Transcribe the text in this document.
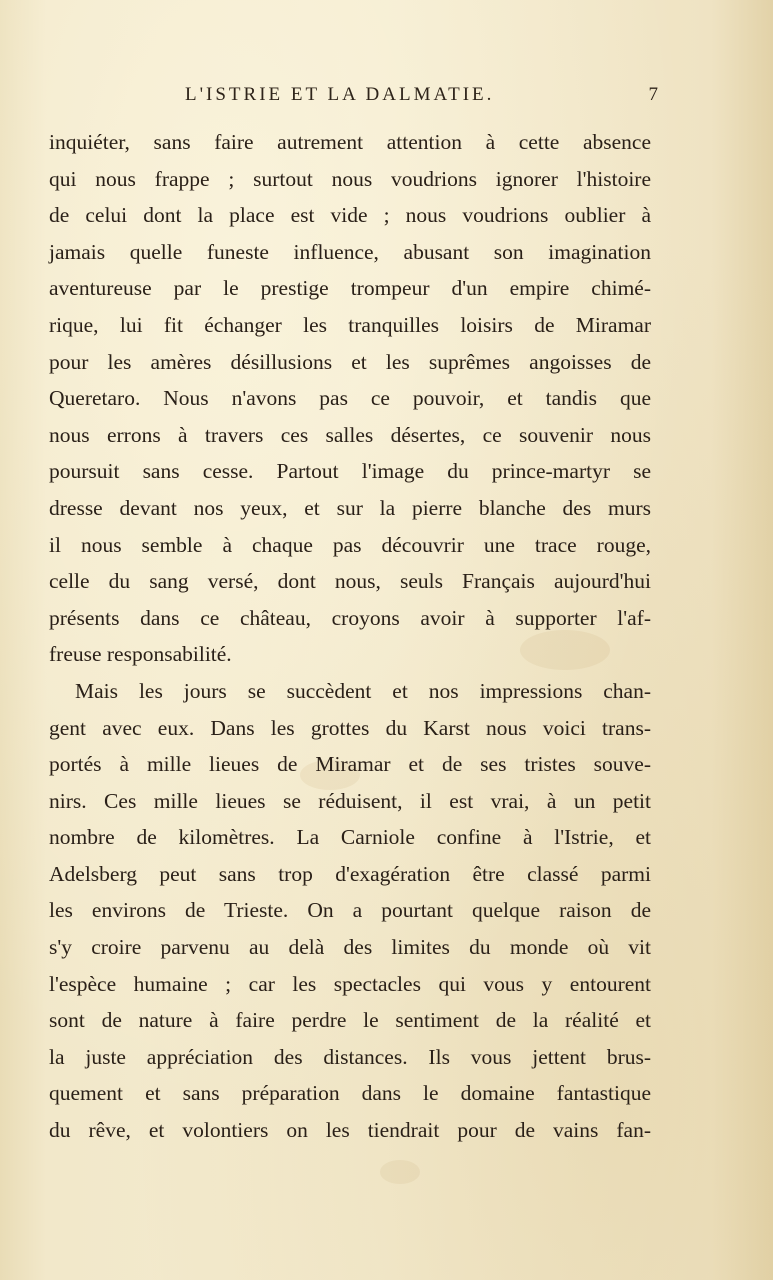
L'ISTRIE ET LA DALMATIE.	7
inquiéter, sans faire autrement attention à cette absence
qui nous frappe ; surtout nous voudrions ignorer l'histoire
de celui dont la place est vide ; nous voudrions oublier à
jamais quelle funeste influence, abusant son imagination
aventureuse par le prestige trompeur d'un empire chimé-
rique, lui fit échanger les tranquilles loisirs de Miramar
pour les amères désillusions et les suprêmes angoisses de
Queretaro. Nous n'avons pas ce pouvoir, et tandis que
nous errons à travers ces salles désertes, ce souvenir nous
poursuit sans cesse. Partout l'image du prince-martyr se
dresse devant nos yeux, et sur la pierre blanche des murs
il nous semble à chaque pas découvrir une trace rouge,
celle du sang versé, dont nous, seuls Français aujourd'hui
présents dans ce château, croyons avoir à supporter l'af-
freuse responsabilité.
Mais les jours se succèdent et nos impressions chan-
gent avec eux. Dans les grottes du Karst nous voici trans-
portés à mille lieues de Miramar et de ses tristes souve-
nirs. Ces mille lieues se réduisent, il est vrai, à un petit
nombre de kilomètres. La Carniole confine à l'Istrie, et
Adelsberg peut sans trop d'exagération être classé parmi
les environs de Trieste. On a pourtant quelque raison de
s'y croire parvenu au delà des limites du monde où vit
l'espèce humaine ; car les spectacles qui vous y entourent
sont de nature à faire perdre le sentiment de la réalité et
la juste appréciation des distances. Ils vous jettent brus-
quement et sans préparation dans le domaine fantastique
du rêve, et volontiers on les tiendrait pour de vains fan-
